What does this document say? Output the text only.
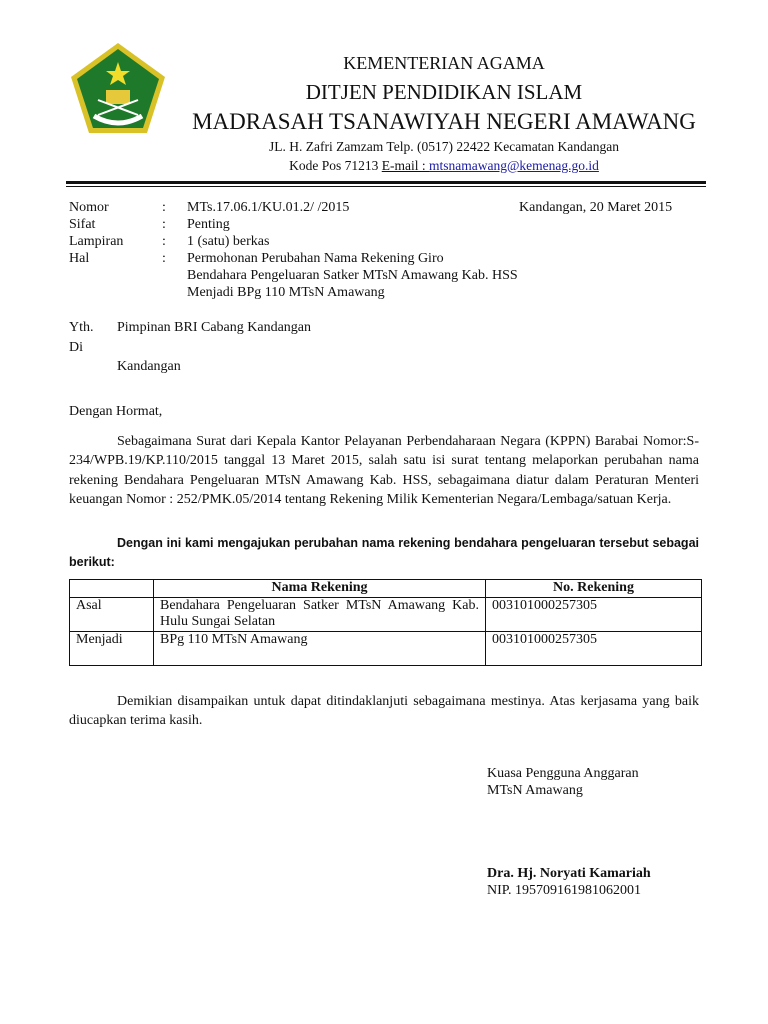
KEMENTERIAN AGAMA
DITJEN PENDIDIKAN ISLAM
MADRASAH TSANAWIYAH NEGERI AMAWANG
JL. H. Zafri Zamzam Telp. (0517) 22422 Kecamatan Kandangan
Kode Pos 71213 E-mail : mtsnamawang@kemenag.go.id
Nomor	: MTs.17.06.1/KU.01.2/ /2015	Kandangan, 20 Maret 2015
Sifat	: Penting
Lampiran	: 1 (satu) berkas
Hal	: Permohonan Perubahan Nama Rekening Giro
Bendahara Pengeluaran Satker MTsN Amawang Kab. HSS
Menjadi BPg 110 MTsN Amawang
Yth. Pimpinan BRI Cabang Kandangan
Di
Kandangan
Dengan Hormat,
Sebagaimana Surat dari Kepala Kantor Pelayanan Perbendaharaan Negara (KPPN) Barabai Nomor:S-234/WPB.19/KP.110/2015 tanggal 13 Maret 2015, salah satu isi surat tentang melaporkan perubahan nama rekening Bendahara Pengeluaran MTsN Amawang Kab. HSS, sebagaimana diatur dalam Peraturan Menteri keuangan Nomor : 252/PMK.05/2014 tentang Rekening Milik Kementerian Negara/Lembaga/satuan Kerja.
Dengan ini kami mengajukan perubahan nama rekening bendahara pengeluaran tersebut sebagai berikut:
	Nama Rekening	No. Rekening
Asal	Bendahara Pengeluaran Satker MTsN Amawang Kab. Hulu Sungai Selatan	003101000257305
Menjadi	BPg 110 MTsN Amawang	003101000257305
Demikian disampaikan untuk dapat ditindaklanjuti sebagaimana mestinya. Atas kerjasama yang baik diucapkan terima kasih.
Kuasa Pengguna Anggaran
MTsN Amawang
Dra. Hj. Noryati Kamariah
NIP. 195709161981062001
